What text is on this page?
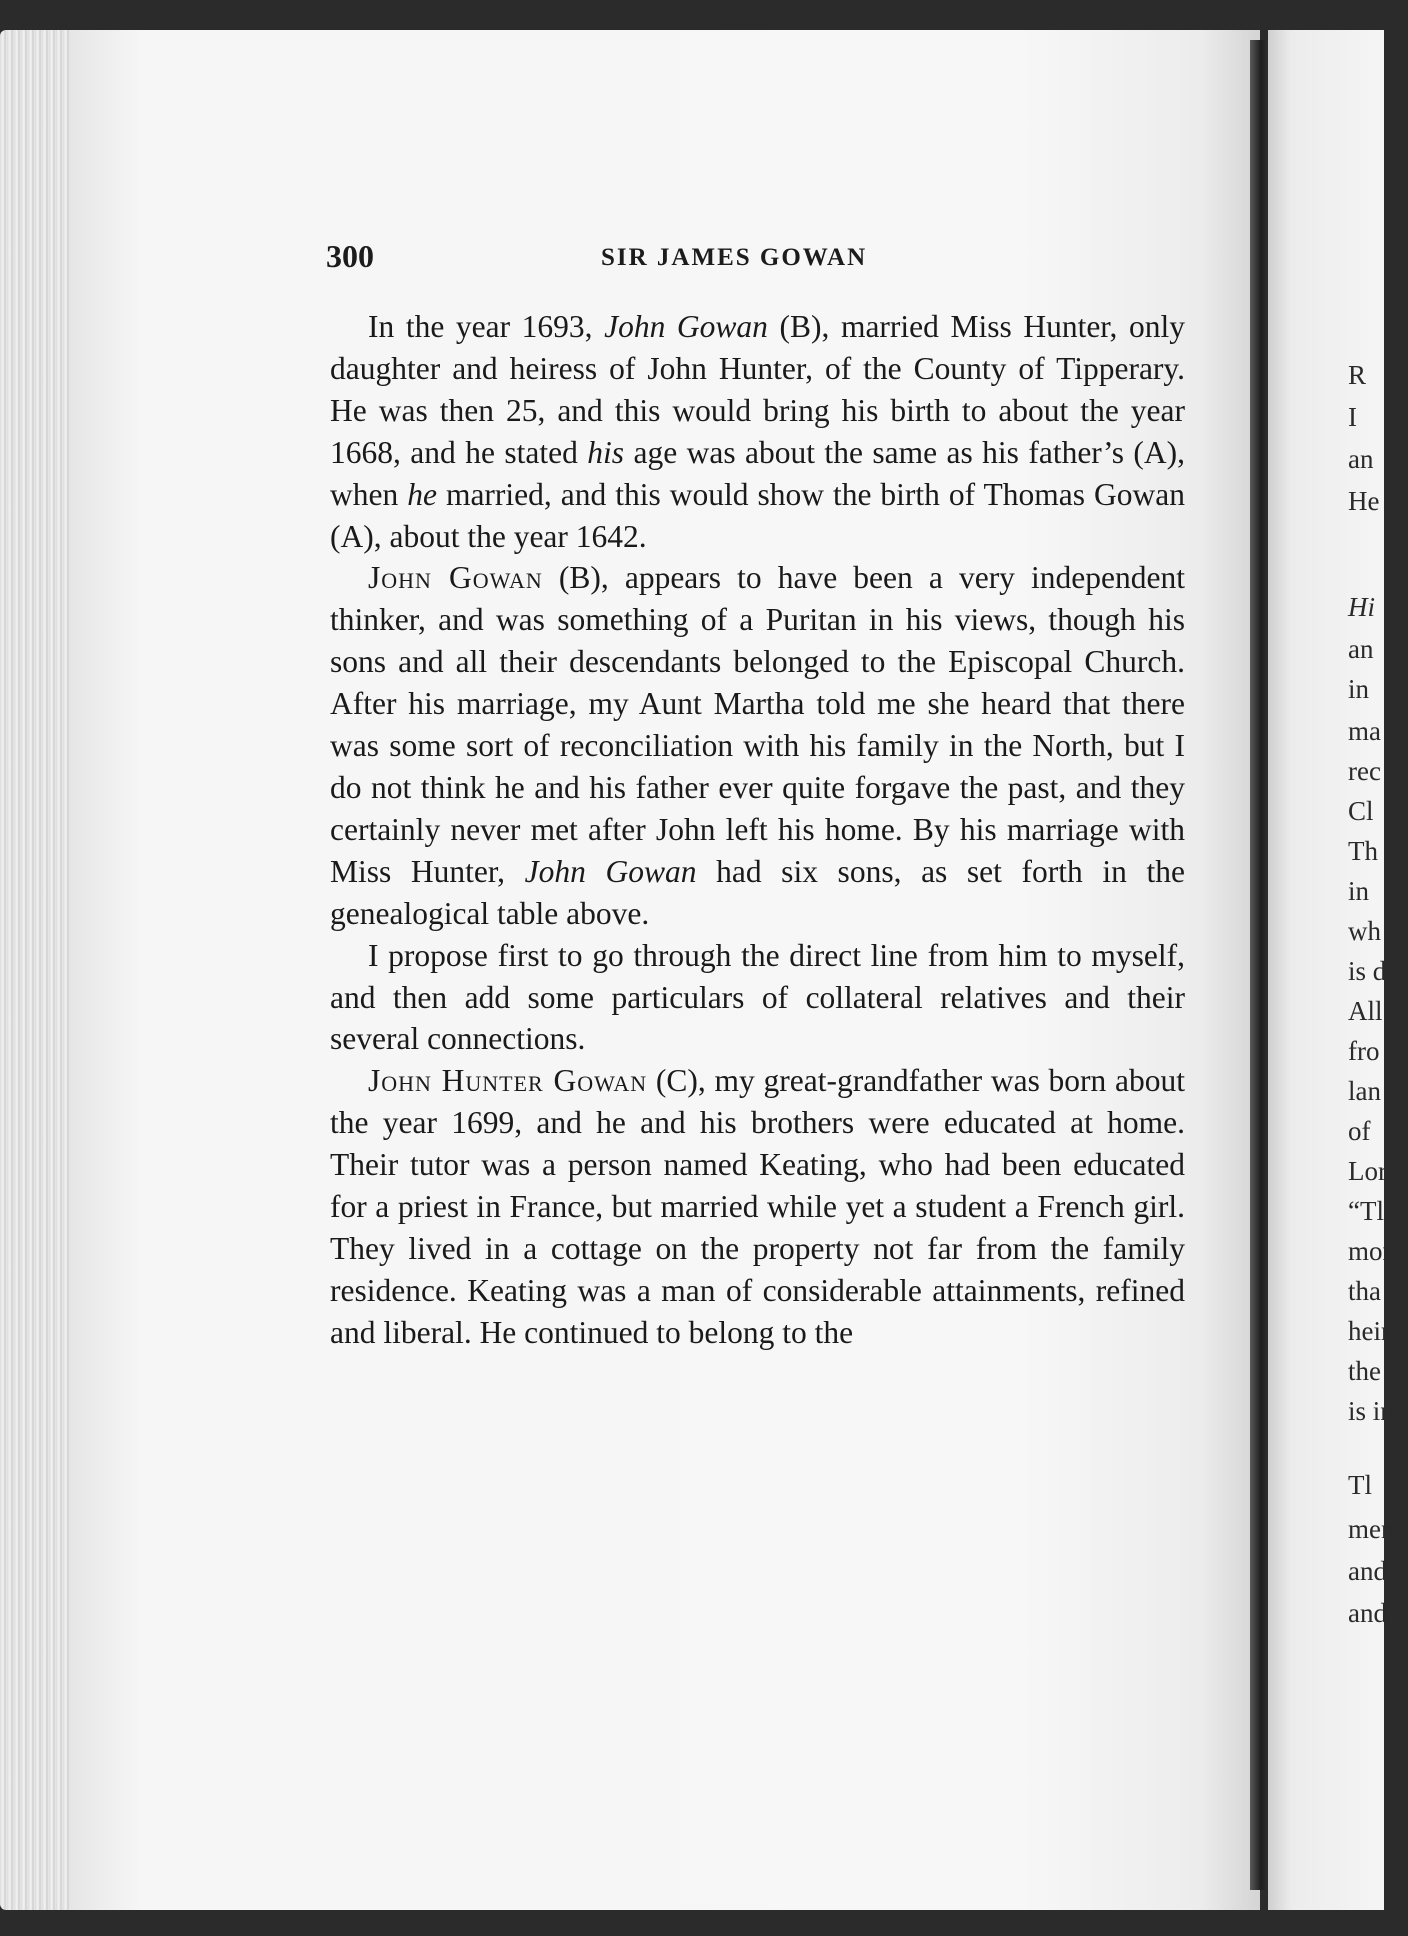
R
I
an
He
Hi
an
in
ma
rec
Cl
Th
in
wh
is d
All
fro
lan
of
Lor
“Tl
mor
tha
heir
the
is in
Tl
men
and
and
300	SIR JAMES GOWAN

In the year 1693, John Gowan (B), married Miss Hunter, only daughter and heiress of John Hunter, of the County of Tipperary. He was then 25, and this would bring his birth to about the year 1668, and he stated his age was about the same as his father’s (A), when he married, and this would show the birth of Thomas Gowan (A), about the year 1642.

John Gowan (B), appears to have been a very independent thinker, and was something of a Puritan in his views, though his sons and all their descendants belonged to the Episcopal Church. After his marriage, my Aunt Martha told me she heard that there was some sort of reconciliation with his family in the North, but I do not think he and his father ever quite forgave the past, and they certainly never met after John left his home. By his marriage with Miss Hunter, John Gowan had six sons, as set forth in the genealogical table above.

I propose first to go through the direct line from him to myself, and then add some particulars of collateral relatives and their several connections.

John Hunter Gowan (C), my great-grandfather was born about the year 1699, and he and his brothers were educated at home. Their tutor was a person named Keating, who had been educated for a priest in France, but married while yet a student a French girl. They lived in a cottage on the property not far from the family residence. Keating was a man of considerable attainments, refined and liberal. He continued to belong to the
